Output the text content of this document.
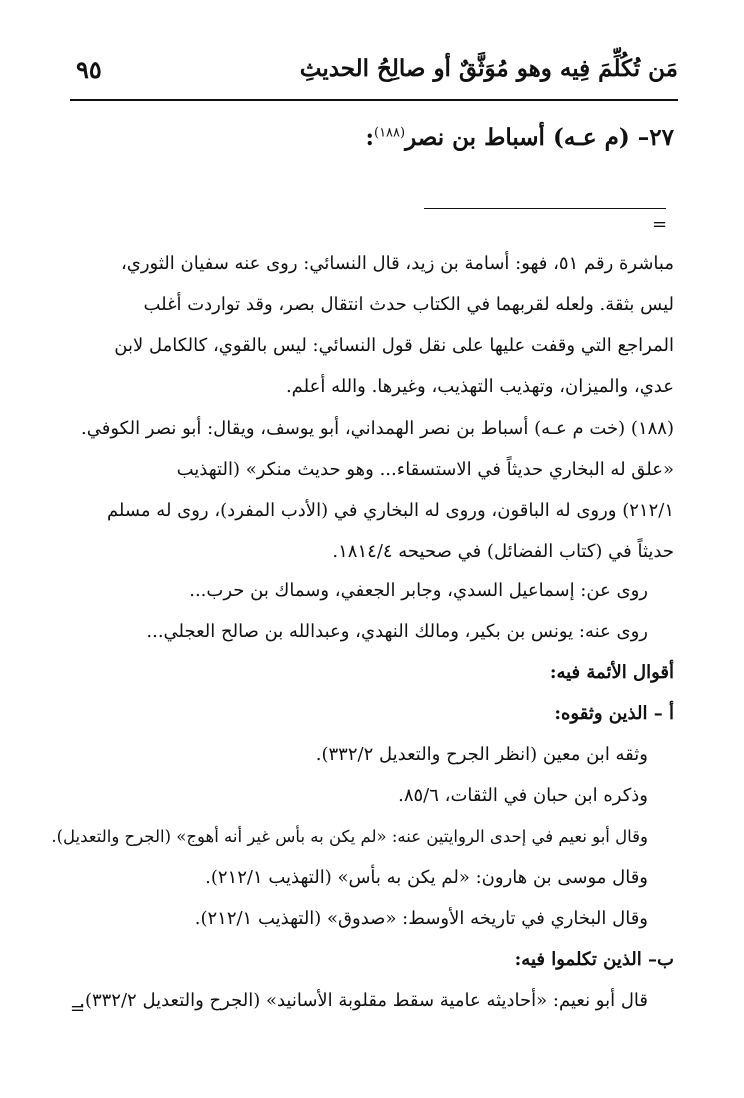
مَن تُكُلِّمَ فِيه وهو مُوَثَّقٌ أو صالِحُ الحديثِ
٩٥
٢٧– (م عـه) أسباط بن نصر$^{(١٨٨)}$:
=
مباشرة رقم ٥١، فهو: أسامة بن زيد، قال النسائي: روى عنه سفيان الثوري،
ليس بثقة. ولعله لقربهما في الكتاب حدث انتقال بصر، وقد تواردت أغلب
المراجع التي وقفت عليها على نقل قول النسائي: ليس بالقوي، كالكامل لابن
عدي، والميزان، وتهذيب التهذيب، وغيرها. والله أعلم.
(١٨٨) (خت م عـه) أسباط بن نصر الهمداني، أبو يوسف، ويقال: أبو نصر الكوفي.
«علق له البخاري حديثاً في الاستسقاء... وهو حديث منكر» (التهذيب
٢١٢/١) وروى له الباقون، وروى له البخاري في (الأدب المفرد)، روى له مسلم
حديثاً في (كتاب الفضائل) في صحيحه ١٨١٤/٤.
روى عن: إسماعيل السدي، وجابر الجعفي، وسماك بن حرب...
روى عنه: يونس بن بكير، ومالك النهدي، وعبدالله بن صالح العجلي...
أقوال الأئمة فيه:
أ – الذين وثقوه:
وثقه ابن معين (انظر الجرح والتعديل ٣٣٢/٢).
وذكره ابن حبان في الثقات، ٨٥/٦.
وقال أبو نعيم في إحدى الروايتين عنه: «لم يكن به بأس غير أنه أهوج» (الجرح والتعديل).
وقال موسى بن هارون: «لم يكن به بأس» (التهذيب ٢١٢/١).
وقال البخاري في تاريخه الأوسط: «صدوق» (التهذيب ٢١٢/١).
ب– الذين تكلموا فيه:
قال أبو نعيم: «أحاديثه عامية سقط مقلوبة الأسانيد» (الجرح والتعديل ٣٣٢/٢).
=
